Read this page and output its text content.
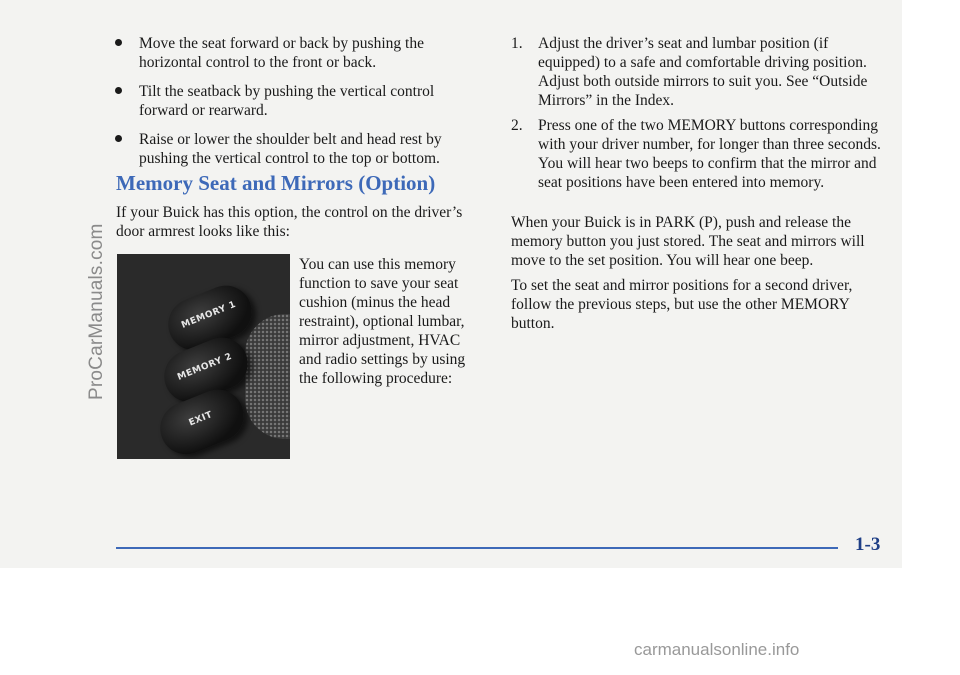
ProCarManuals.com
Move the seat forward or back by pushing the horizontal control to the front or back.
Tilt the seatback by pushing the vertical control forward or rearward.
Raise or lower the shoulder belt and head rest by pushing the vertical control to the top or bottom.
Memory Seat and Mirrors (Option)

If your Buick has this option, the control on the driver’s door armrest looks like this:

MEMORY 1
MEMORY 2
EXIT

You can use this memory function to save your seat cushion (minus the head restraint), optional lumbar, mirror adjustment, HVAC and radio settings by using the following procedure:

1. Adjust the driver’s seat and lumbar position (if equipped) to a safe and comfortable driving position. Adjust both outside mirrors to suit you. See “Outside Mirrors” in the Index.
2. Press one of the two MEMORY buttons corresponding with your driver number, for longer than three seconds. You will hear two beeps to confirm that the mirror and seat positions have been entered into memory.

When your Buick is in PARK (P), push and release the memory button you just stored. The seat and mirrors will move to the set position. You will hear one beep.

To set the seat and mirror positions for a second driver, follow the previous steps, but use the other MEMORY button.

1-3
carmanualsonline.info
